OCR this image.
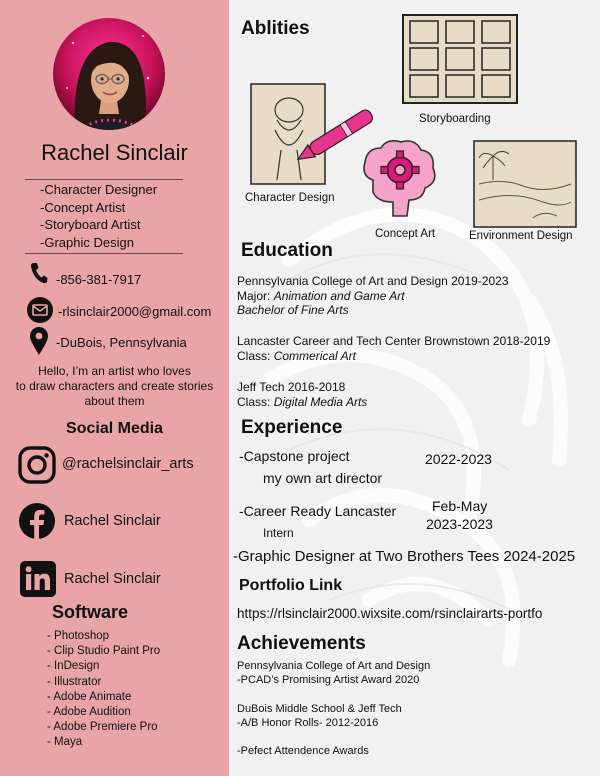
Rachel Sinclair
-Character Designer
-Concept Artist
-Storyboard Artist
-Graphic Design
-856-381-7917
-rlsinclair2000@gmail.com
-DuBois, Pennsylvania
Hello, I’m an artist who loves
to draw characters and create stories
about them
Social Media
@rachelsinclair_arts
Rachel Sinclair
Rachel Sinclair
Software
- Photoshop
- Clip Studio Paint Pro
- InDesign
- Illustrator
- Adobe Animate
- Adobe Audition
- Adobe Premiere Pro
- Maya
Ablities
Character Design
Storyboarding
Concept Art	Environment Design
Education
Pennsylvania College of Art and Design 2019-2023
Major: Animation and Game Art
Bachelor of Fine Arts
Lancaster Career and Tech Center Brownstown 2018-2019
Class: Commerical Art
Jeff Tech 2016-2018
Class: Digital Media Arts
Experience
-Capstone project
my own art director
2022-2023
-Career Ready Lancaster
Intern
Feb-May
2023-2023
-Graphic Designer at Two Brothers Tees 2024-2025
Portfolio Link
https://rlsinclair2000.wixsite.com/rsinclairarts-portfo
Achievements
Pennsylvania College of Art and Design
-PCAD’s Promising Artist Award 2020
DuBois Middle School & Jeff Tech
-A/B Honor Rolls- 2012-2016
-Pefect Attendence Awards
